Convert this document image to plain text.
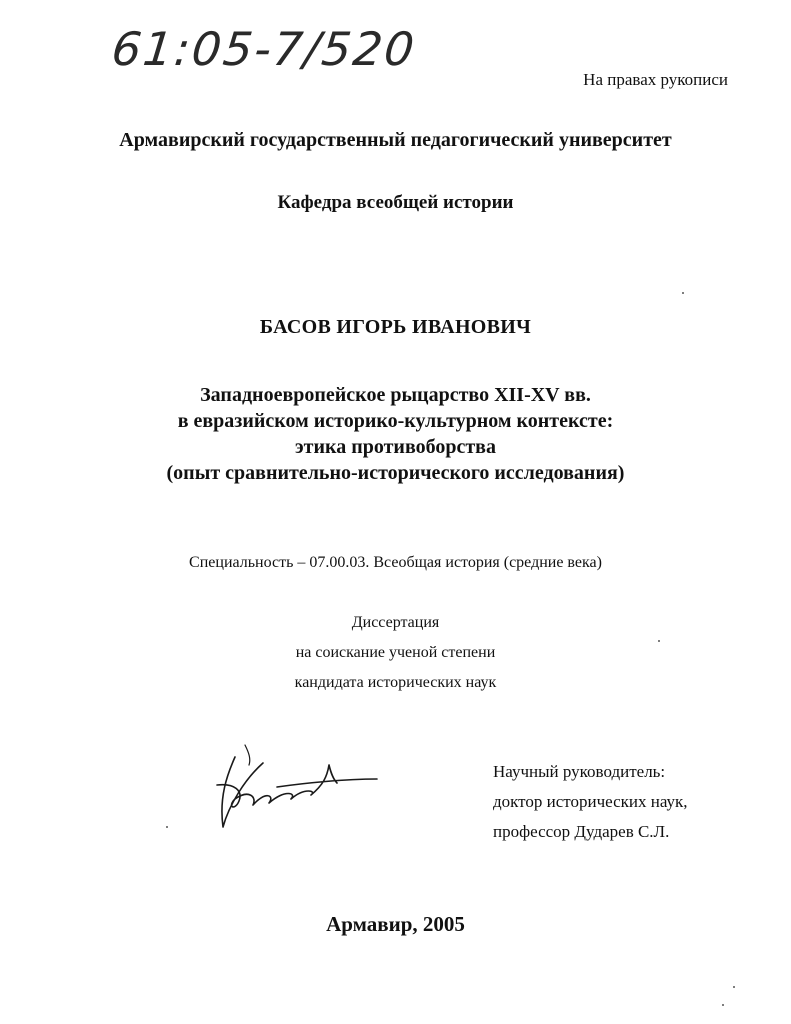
61:05-7/520
На правах рукописи
Армавирский государственный педагогический университет
Кафедра всеобщей истории
БАСОВ ИГОРЬ ИВАНОВИЧ
Западноевропейское рыцарство XII-XV вв.
в евразийском историко-культурном контексте:
этика противоборства
(опыт сравнительно-исторического исследования)
Специальность – 07.00.03. Всеобщая история (средние века)
Диссертация
на соискание ученой степени
кандидата исторических наук
Научный руководитель:
доктор исторических наук,
профессор Дударев С.Л.
Армавир, 2005
